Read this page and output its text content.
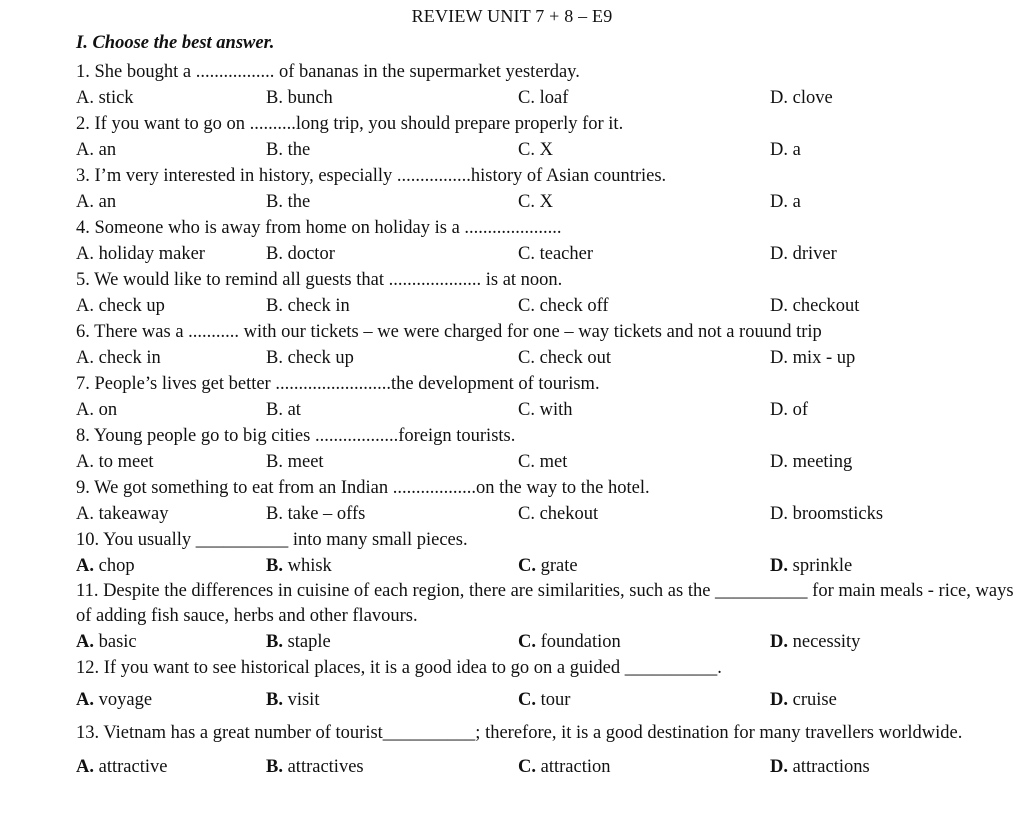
REVIEW UNIT 7 + 8 – E9
I. Choose the best answer.
1. She bought a ................. of bananas in the supermarket yesterday.
A. stick	B. bunch	C. loaf	D. clove
2. If you want to go on ..........long trip, you should prepare properly for it.
A. an	B. the	C. X	D. a
3. I’m very interested in history, especially ................history of Asian countries.
A. an	B. the	C. X	D. a
4. Someone who is away from home on holiday is a .....................
A. holiday maker	B. doctor	C. teacher	D. driver
5. We would like to remind all guests that .................... is at noon.
A. check up	B. check in	C. check off	D. checkout
6. There was a ........... with our tickets – we were charged for one – way tickets and not a rouund trip
A. check in	B. check up	C. check out	D. mix - up
7. People’s lives get better .........................the development of tourism.
A. on	B. at	C. with	D. of
8. Young people go to big cities ..................foreign tourists.
A. to meet	B. meet	C. met	D. meeting
9. We got something to eat from an Indian ..................on the way to the hotel.
A. takeaway	B. take – offs	C. chekout	D. broomsticks
10. You usually __________ into many small pieces.
A. chop	B. whisk	C. grate	D. sprinkle
11. Despite the differences in cuisine of each region, there are similarities, such as the __________ for main meals - rice, ways of adding fish sauce, herbs and other flavours.
A. basic	B. staple	C. foundation	D. necessity
12. If you want to see historical places, it is a good idea to go on a guided __________.
A. voyage	B. visit	C. tour	D. cruise
13. Vietnam has a great number of tourist__________; therefore, it is a good destination for many travellers worldwide.
A. attractive	B. attractives	C. attraction	D. attractions
